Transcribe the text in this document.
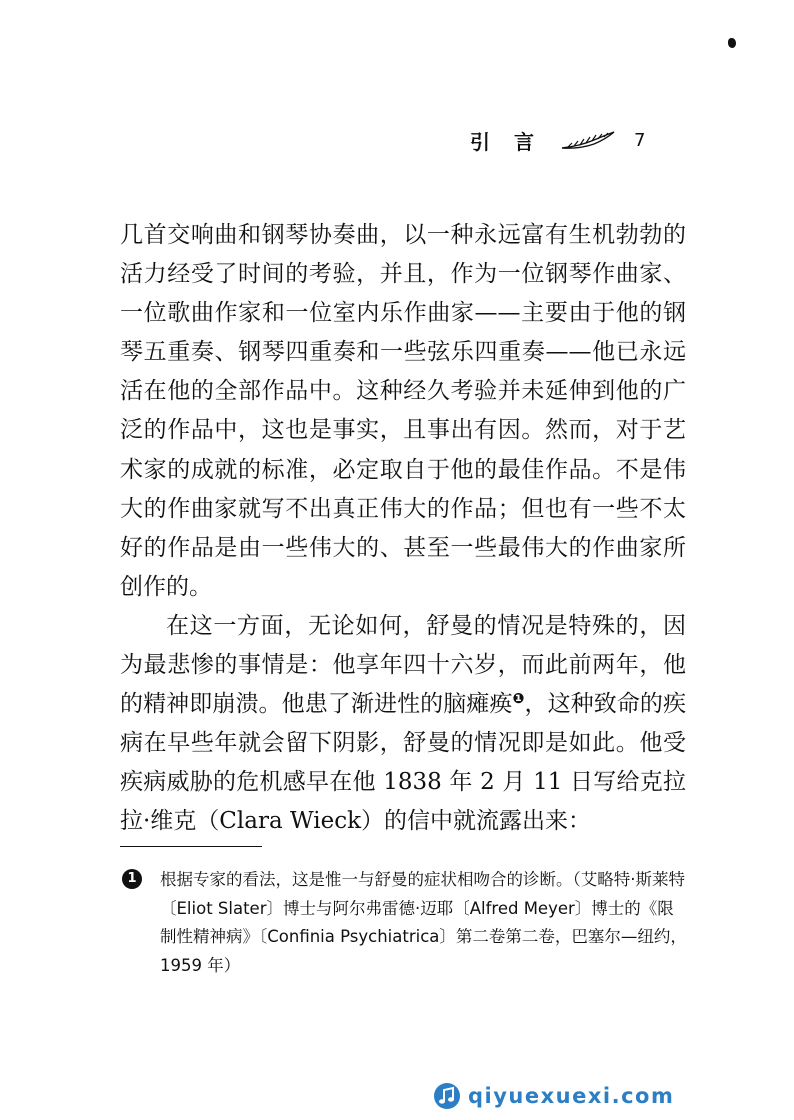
引言	7

几首交响曲和钢琴协奏曲，以一种永远富有生机勃勃的活力经受了时间的考验，并且，作为一位钢琴作曲家、一位歌曲作家和一位室内乐作曲家——主要由于他的钢琴五重奏、钢琴四重奏和一些弦乐四重奏——他已永远活在他的全部作品中。这种经久考验并未延伸到他的广泛的作品中，这也是事实，且事出有因。然而，对于艺术家的成就的标准，必定取自于他的最佳作品。不是伟大的作曲家就写不出真正伟大的作品；但也有一些不太好的作品是由一些伟大的、甚至一些最伟大的作曲家所创作的。

在这一方面，无论如何，舒曼的情况是特殊的，因为最悲惨的事情是：他享年四十六岁，而此前两年，他的精神即崩溃。他患了渐进性的脑瘫痪$^❶$，这种致命的疾病在早些年就会留下阴影，舒曼的情况即是如此。他受疾病威胁的危机感早在他 1838 年 2 月 11 日写给克拉拉·维克（Clara Wieck）的信中就流露出来：

1	根据专家的看法，这是惟一与舒曼的症状相吻合的诊断。（艾略特·斯莱特〔Eliot Slater〕博士与阿尔弗雷德·迈耶〔Alfred Meyer〕博士的《限制性精神病》〔Confinia Psychiatrica〕第二卷第二卷，巴塞尔—纽约，1959 年）
qiyuexuexi.com
